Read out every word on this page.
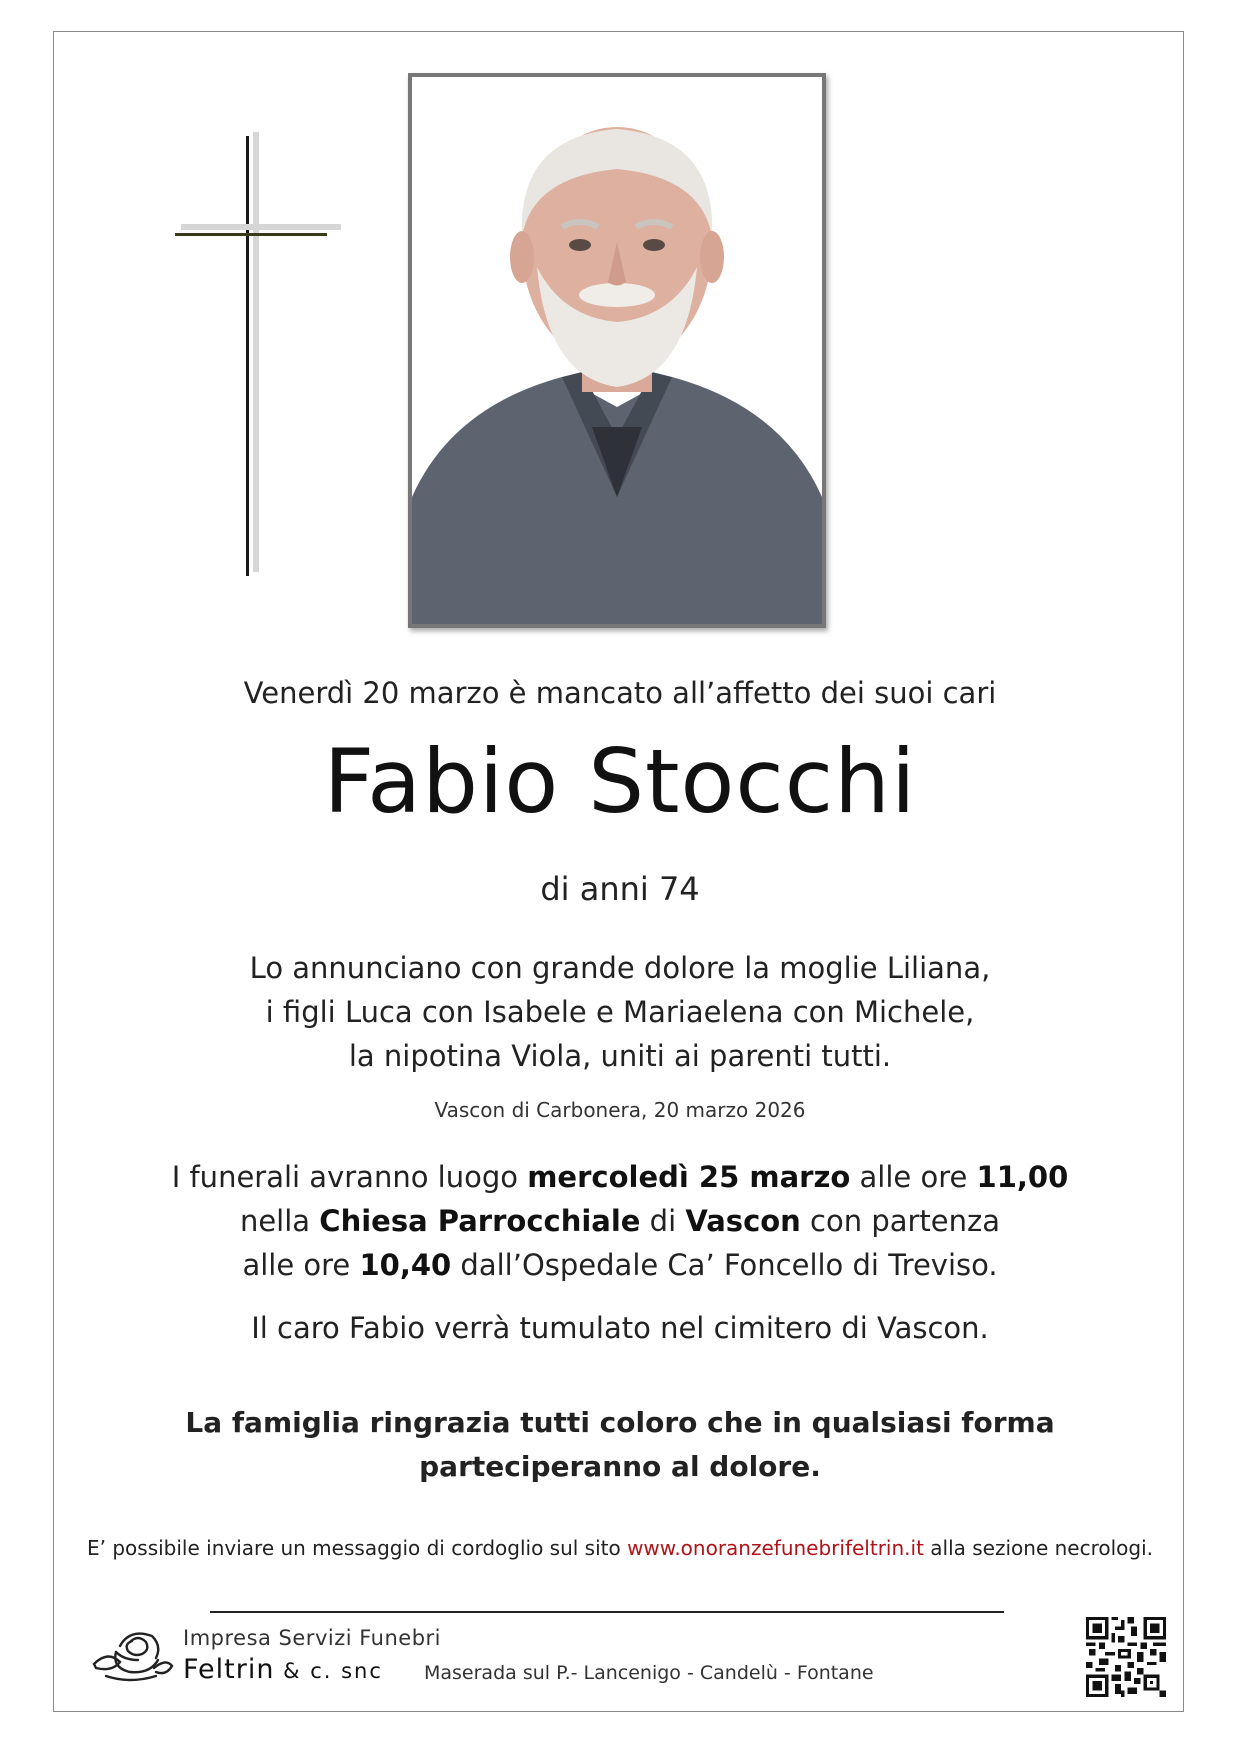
Venerdì 20 marzo è mancato all’affetto dei suoi cari
Fabio Stocchi
di anni 74
Lo annunciano con grande dolore la moglie Liliana,
i figli Luca con Isabele e Mariaelena con Michele,
la nipotina Viola, uniti ai parenti tutti.
Vascon di Carbonera, 20 marzo 2026
I funerali avranno luogo mercoledì 25 marzo alle ore 11,00
nella Chiesa Parrocchiale di Vascon con partenza
alle ore 10,40 dall’Ospedale Ca’ Foncello di Treviso.
Il caro Fabio verrà tumulato nel cimitero di Vascon.
La famiglia ringrazia tutti coloro che in qualsiasi forma
parteciperanno al dolore.
E’ possibile inviare un messaggio di cordoglio sul sito www.onoranzefunebrifeltrin.it alla sezione necrologi.
Impresa Servizi Funebri
Feltrin & c. snc Maserada sul P.- Lancenigo - Candelù - Fontane
